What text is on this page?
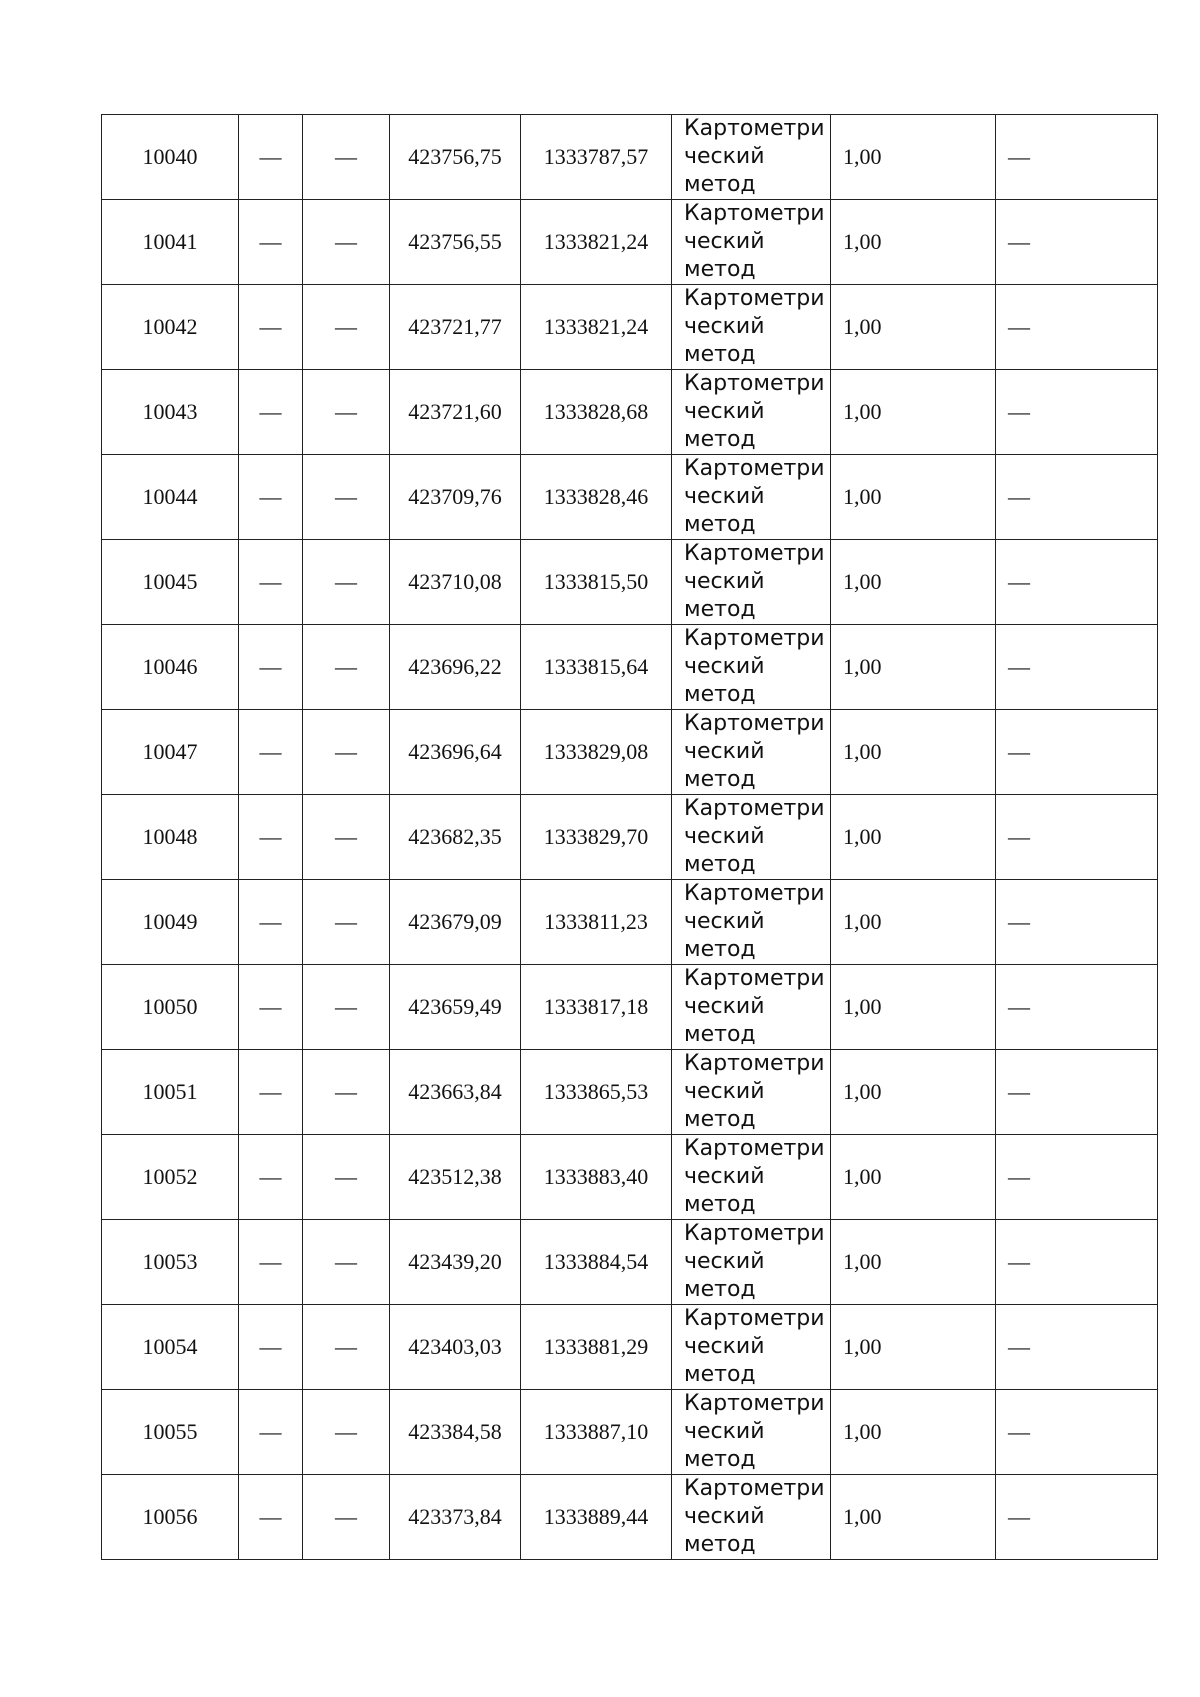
10040	—	—	423756,75	1333787,57	Картометри
ческий
метод	1,00	—
10041	—	—	423756,55	1333821,24	Картометри
ческий
метод	1,00	—
10042	—	—	423721,77	1333821,24	Картометри
ческий
метод	1,00	—
10043	—	—	423721,60	1333828,68	Картометри
ческий
метод	1,00	—
10044	—	—	423709,76	1333828,46	Картометри
ческий
метод	1,00	—
10045	—	—	423710,08	1333815,50	Картометри
ческий
метод	1,00	—
10046	—	—	423696,22	1333815,64	Картометри
ческий
метод	1,00	—
10047	—	—	423696,64	1333829,08	Картометри
ческий
метод	1,00	—
10048	—	—	423682,35	1333829,70	Картометри
ческий
метод	1,00	—
10049	—	—	423679,09	1333811,23	Картометри
ческий
метод	1,00	—
10050	—	—	423659,49	1333817,18	Картометри
ческий
метод	1,00	—
10051	—	—	423663,84	1333865,53	Картометри
ческий
метод	1,00	—
10052	—	—	423512,38	1333883,40	Картометри
ческий
метод	1,00	—
10053	—	—	423439,20	1333884,54	Картометри
ческий
метод	1,00	—
10054	—	—	423403,03	1333881,29	Картометри
ческий
метод	1,00	—
10055	—	—	423384,58	1333887,10	Картометри
ческий
метод	1,00	—
10056	—	—	423373,84	1333889,44	Картометри
ческий
метод	1,00	—
